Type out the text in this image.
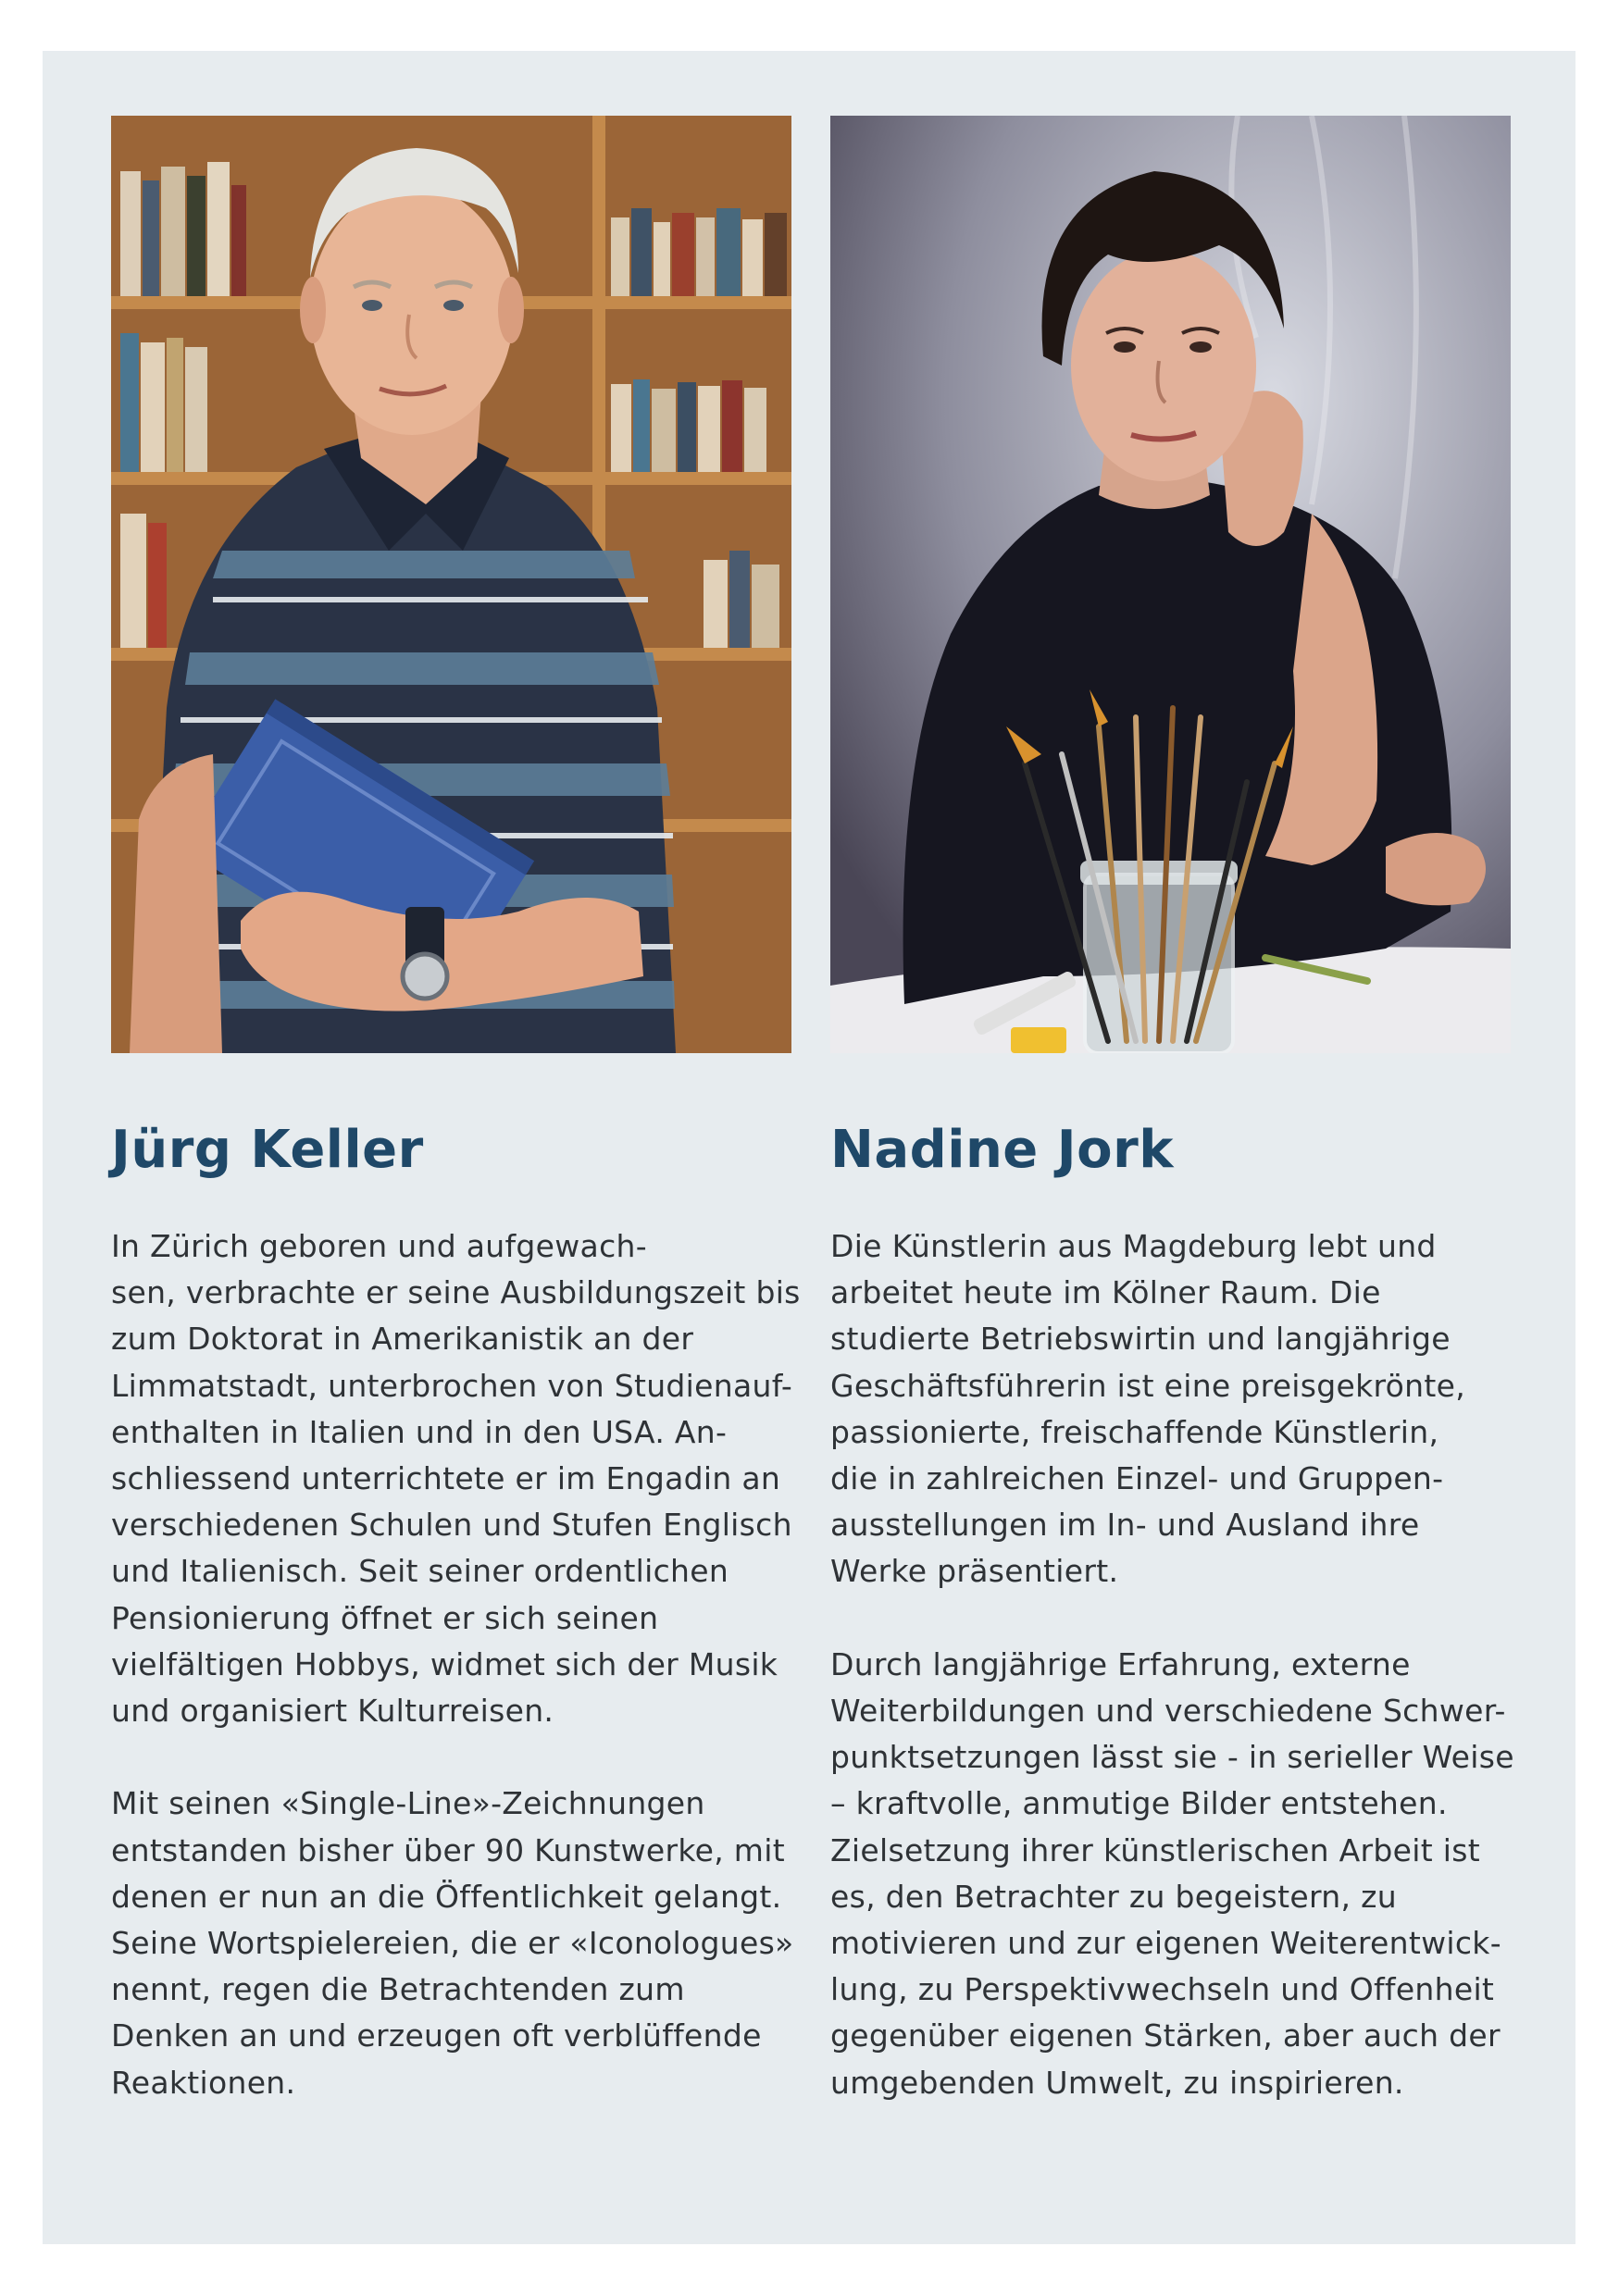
Jürg Keller
In Zürich geboren und aufgewach-
sen, verbrachte er seine Ausbildungszeit bis
zum Doktorat in Amerikanistik an der
Limmatstadt, unterbrochen von Studienauf-
enthalten in Italien und in den USA. An-
schliessend unterrichtete er im Engadin an
verschiedenen Schulen und Stufen Englisch
und Italienisch. Seit seiner ordentlichen
Pensionierung öffnet er sich seinen
vielfältigen Hobbys, widmet sich der Musik
und organisiert Kulturreisen.
Mit seinen «Single-Line»-Zeichnungen
entstanden bisher über 90 Kunstwerke, mit
denen er nun an die Öffentlichkeit gelangt.
Seine Wortspielereien, die er «Iconologues»
nennt, regen die Betrachtenden zum
Denken an und erzeugen oft verblüffende
Reaktionen.
Nadine Jork
Die Künstlerin aus Magdeburg lebt und
arbeitet heute im Kölner Raum. Die
studierte Betriebswirtin und langjährige
Geschäftsführerin ist eine preisgekrönte,
passionierte, freischaffende Künstlerin,
die in zahlreichen Einzel- und Gruppen-
ausstellungen im In- und Ausland ihre
Werke präsentiert.
Durch langjährige Erfahrung, externe
Weiterbildungen und verschiedene Schwer-
punktsetzungen lässt sie - in serieller Weise
– kraftvolle, anmutige Bilder entstehen.
Zielsetzung ihrer künstlerischen Arbeit ist
es, den Betrachter zu begeistern, zu
motivieren und zur eigenen Weiterentwick-
lung, zu Perspektivwechseln und Offenheit
gegenüber eigenen Stärken, aber auch der
umgebenden Umwelt, zu inspirieren.
